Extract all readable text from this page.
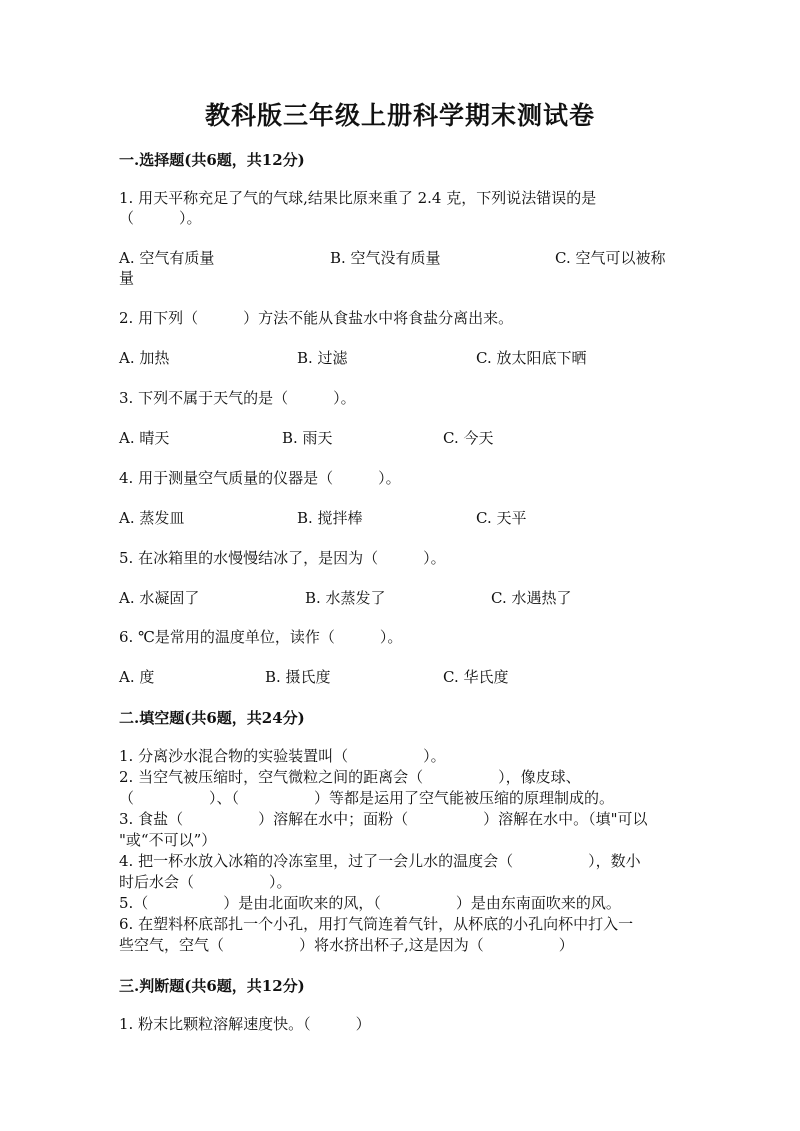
教科版三年级上册科学期末测试卷
一.选择题(共6题，共12分)
1. 用天平称充足了气的气球,结果比原来重了 2.4 克，下列说法错误的是
（　　　）。
A. 空气有质量	B. 空气没有质量	C. 空气可以被称
量
2. 用下列（　　　）方法不能从食盐水中将食盐分离出来。
A. 加热	B. 过滤	C. 放太阳底下晒
3. 下列不属于天气的是（　　　）。
A. 晴天	B. 雨天	C. 今天
4. 用于测量空气质量的仪器是（　　　）。
A. 蒸发皿	B. 搅拌棒	C. 天平
5. 在冰箱里的水慢慢结冰了，是因为（　　　）。
A. 水凝固了	B. 水蒸发了	C. 水遇热了
6. ℃是常用的温度单位，读作（　　　）。
A. 度	B. 摄氏度	C. 华氏度
二.填空题(共6题，共24分)
1. 分离沙水混合物的实验装置叫（　　　　　）。
2. 当空气被压缩时，空气微粒之间的距离会（　　　　　），像皮球、
（　　　　　）、（　　　　　）等都是运用了空气能被压缩的原理制成的。
3. 食盐（　　　　　）溶解在水中；面粉（　　　　　）溶解在水中。（填"可以
"或“不可以”）
4. 把一杯水放入冰箱的冷冻室里，过了一会儿水的温度会（　　　　　），数小
时后水会（　　　　　）。
5.（　　　　　）是由北面吹来的风，（　　　　　）是由东南面吹来的风。
6. 在塑料杯底部扎一个小孔，用打气筒连着气针，从杯底的小孔向杯中打入一
些空气，空气（　　　　　）将水挤出杯子,这是因为（　　　　　）
三.判断题(共6题，共12分)
1. 粉末比颗粒溶解速度快。（　　　）
